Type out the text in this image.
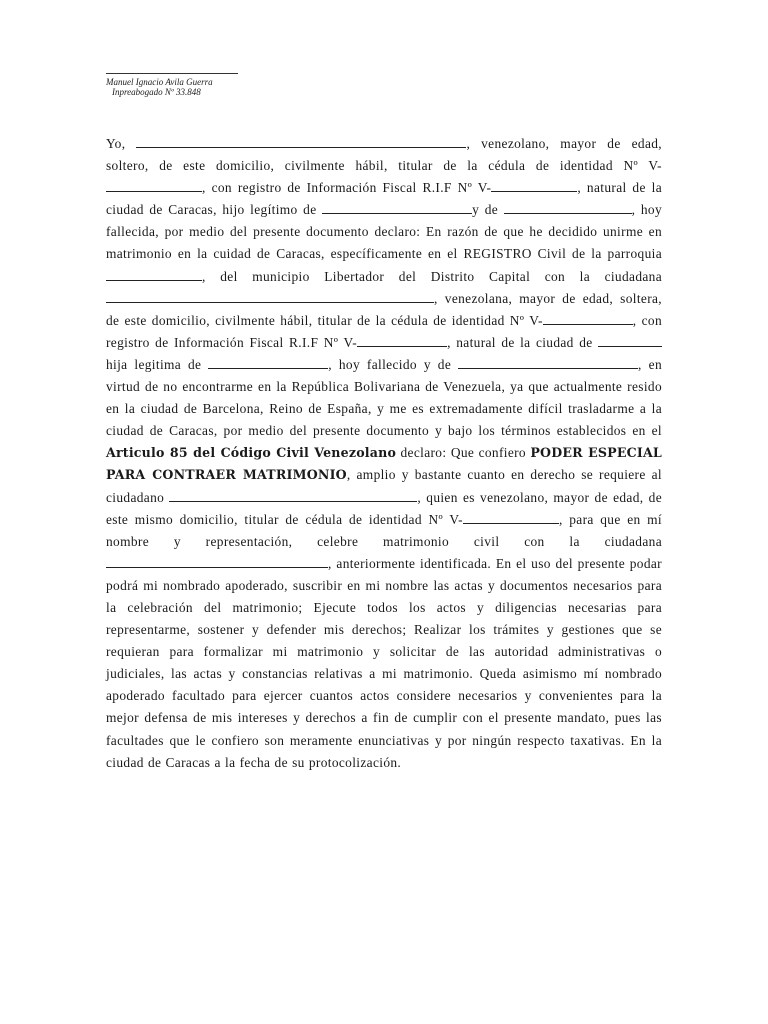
Manuel Ignacio Avila Guerra
Inpreabogado Nº 33.848

Yo,	, venezolano, mayor de edad, soltero, de este domicilio, civilmente hábil, titular de la cédula de identidad Nº V-, con registro de Información Fiscal R.I.F Nº V-	, natural de la ciudad de Caracas, hijo legítimo de	y de	, hoy fallecida, por medio del presente documento declaro: En razón de que he decidido unirme en matrimonio en la cuidad de Caracas, específicamente en el REGISTRO Civil de la parroquia , del municipio Libertador del Distrito Capital con la ciudadana , venezolana, mayor de edad, soltera, de este domicilio, civilmente hábil, titular de la cédula de identidad Nº V-	, con registro de Información Fiscal R.I.F Nº V-	, natural de la ciudad de hija legitima de	, hoy fallecido y de	, en virtud de no encontrarme en la República Bolivariana de Venezuela, ya que actualmente resido en la ciudad de Barcelona, Reino de España, y me es extremadamente difícil trasladarme a la ciudad de Caracas, por medio del presente documento y bajo los términos establecidos en el Articulo 85 del Código Civil Venezolano declaro: Que confiero PODER ESPECIAL PARA CONTRAER MATRIMONIO, amplio y bastante cuanto en derecho se requiere al ciudadano	, quien es venezolano, mayor de edad, de este mismo domicilio, titular de cédula de identidad Nº V-	, para que en mí nombre y representación, celebre matrimonio civil con la ciudadana, anteriormente identificada. En el uso del presente podar podrá mi nombrado apoderado, suscribir en mi nombre las actas y documentos necesarios para la celebración del matrimonio; Ejecute todos los actos y diligencias necesarias para representarme, sostener y defender mis derechos; Realizar los trámites y gestiones que se requieran para formalizar mi matrimonio y solicitar de las autoridad administrativas o judiciales, las actas y constancias relativas a mi matrimonio. Queda asimismo mí nombrado apoderado facultado para ejercer cuantos actos considere necesarios y convenientes para la mejor defensa de mis intereses y derechos a fin de cumplir con el presente mandato, pues las facultades que le confiero son meramente enunciativas y por ningún respecto taxativas. En la ciudad de Caracas a la fecha de su protocolización.
